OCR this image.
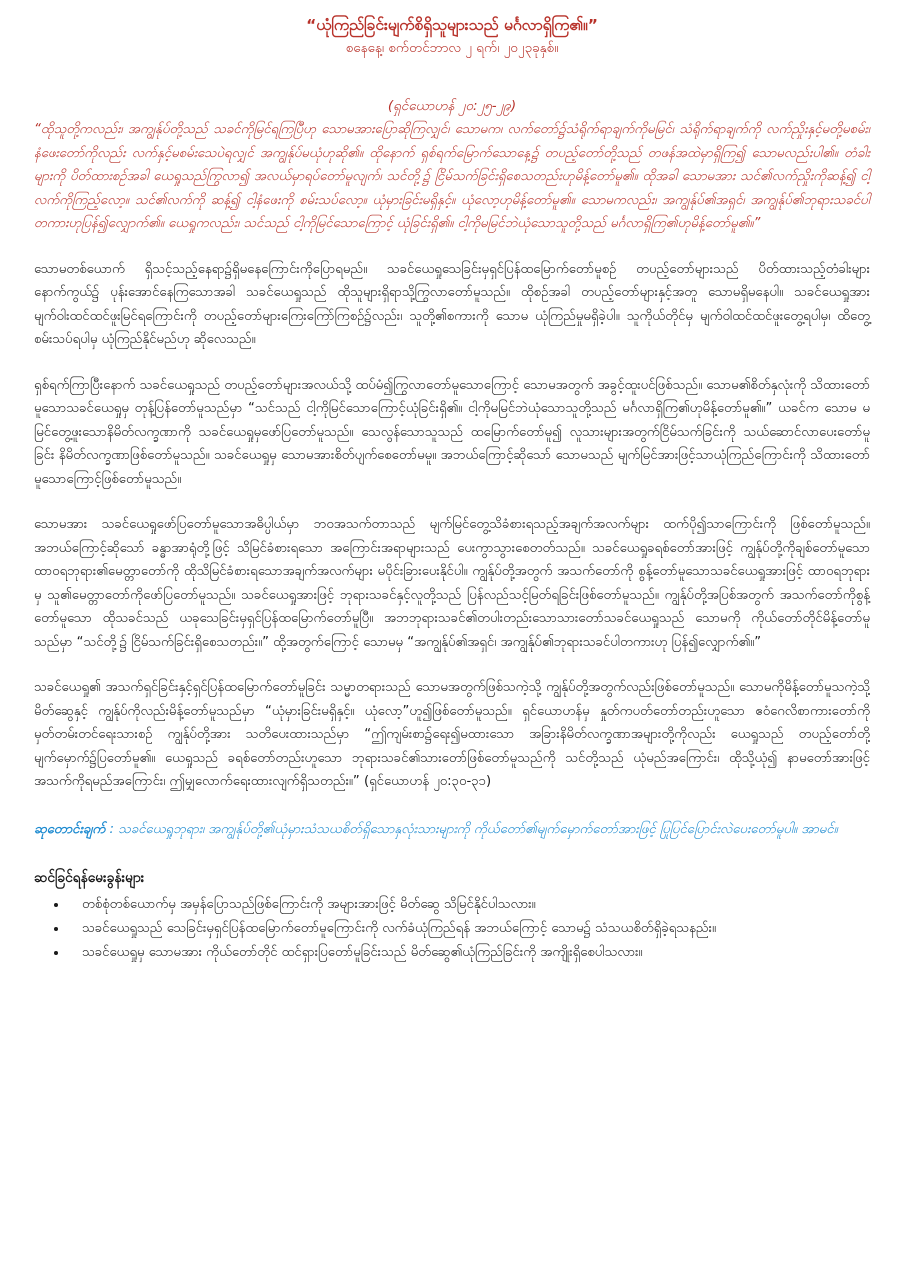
“ယုံကြည်ခြင်းမျက်စိရှိသူများသည် မင်္ဂလာရှိကြ၏။”

စနေနေ့၊ စက်တင်ဘာလ ၂ ရက်၊ ၂၀၂၃ခုနှစ်။

(ရှင်ယောဟန် ၂၀:၂၅-၂၉)

“ထိုသူတို့ကလည်း၊ အကျွန်ုပ်တို့သည် သခင်ကိုမြင်ရကြပြီဟု သောမအားပြောဆိုကြလျှင်၊ သောမက၊ လက်တော်၌သံရိုက်ရာချက်ကိုမမြင်၊ သံရိုက်ရာချက်ကို လက်ညှိုးနှင့်မတို့မစမ်း၊ နံဖေးတော်ကိုလည်း လက်နှင့်မစမ်းသေပဲရလျှင် အကျွန်ုပ်မယုံဟုဆို၏။ ထိုနောက် ရှစ်ရက်မြောက်သောနေ့၌ တပည့်တော်တို့သည် တဖန်အထဲမှာရှိကြ၍ သောမလည်းပါ၏။ တံခါးများကို ပိတ်ထားစဉ်အခါ ယေရှုသည်ကြွလာ၍ အလယ်မှာရပ်တော်မူလျက်၊ သင်တို့၌ ငြိမ်သက်ခြင်းရှိစေသတည်းဟုမိန့်တော်မူ၏။ ထိုအခါ သောမအား သင်၏လက်ညှိုးကိုဆန့်၍ ငါ့လက်ကိုကြည့်လော့။ သင်၏လက်ကို ဆန့်၍ ငါ့နံဖေးကို စမ်းသပ်လော့။ ယုံမှားခြင်းမရှိနှင့်။ ယုံလော့ဟုမိန့်တော်မူ၏။ သောမကလည်း၊ အကျွန်ုပ်၏အရှင်၊ အကျွန်ုပ်၏ဘုရားသခင်ပါတကားဟုပြန်၍လျှောက်၏။ ယေရှုကလည်း၊ သင်သည် ငါ့ကိုမြင်သောကြောင့် ယုံခြင်းရှိ၏။ ငါ့ကိုမမြင်ဘဲယုံသောသူတို့သည် မင်္ဂလာရှိကြ၏ဟုမိန့်တော်မူ၏။”

သောမတစ်ယောက် ရှိသင့်သည့်နေရာ၌ရှိမနေကြောင်းကိုပြောရမည်။ သခင်ယေရှုသေခြင်းမှရှင်ပြန်ထမြောက်တော်မူစဉ် တပည့်တော်များသည် ပိတ်ထားသည့်တံခါးများနောက်ကွယ်၌ ပုန်းအောင်နေကြသောအခါ သခင်ယေရှုသည် ထိုသူများရှိရာသို့ကြွလာတော်မူသည်။ ထိုစဉ်အခါ တပည့်တော်များနှင့်အတူ သောမရှိမနေပါ။ သခင်ယေရှုအား မျက်ဝါးထင်ထင်ဖူးမြင်ရကြောင်းကို တပည့်တော်များကြေးကြော်ကြစဉ်၌လည်း၊ သူတို့၏စကားကို သောမ ယုံကြည်မှုမရှိခဲ့ပါ။ သူကိုယ်တိုင်မှ မျက်ဝါထင်ထင်ဖူးတွေ့ရပါမှ၊ ထိတွေ့စမ်းသပ်ရပါမှ ယုံကြည်နိုင်မည်ဟု ဆိုလေသည်။

ရှစ်ရက်ကြာပြီးနောက် သခင်ယေရှုသည် တပည့်တော်များအလယ်သို့ ထပ်မံ၍ကြွလာတော်မူသောကြောင့် သောမအတွက် အခွင့်ထူးပင်ဖြစ်သည်။ သောမ၏စိတ်နှလုံးကို သိထားတော်မူသောသခင်ယေရှုမှ တုန့်ပြန်တော်မူသည်မှာ “သင်သည် ငါ့ကိုမြင်သောကြောင့်ယုံခြင်းရှိ၏။ ငါ့ကိုမမြင်ဘဲယုံသောသူတို့သည် မင်္ဂလာရှိကြ၏ဟုမိန့်တော်မူ၏။” ယခင်က သောမ မမြင်တွေ့ဖူးသောနိမိတ်လက္ခဏာကို သခင်ယေရှုမှဖော်ပြတော်မူသည်။ သေလွန်သောသူသည် ထမြောက်တော်မူ၍ လူသားများအတွက်ငြိမ်သက်ခြင်းကို သယ်ဆောင်လာပေးတော်မူခြင်း နိမိတ်လက္ခဏာဖြစ်တော်မူသည်။ သခင်ယေရှုမှ သောမအားစိတ်ပျက်စေတော်မမူ။ အဘယ်ကြောင့်ဆိုသော် သောမသည် မျက်မြင်အားဖြင့်သာယုံကြည်ကြောင်းကို သိထားတော်မူသောကြောင့်ဖြစ်တော်မူသည်။

သောမအား သခင်ယေရှုဖော်ပြတော်မူသောအဓိပ္ပါယ်မှာ ဘဝအသက်တာသည် မျက်မြင်တွေ့သိခံစားရသည့်အချက်အလက်များ ထက်ပို၍သာကြောင်းကို ဖြစ်တော်မူသည်။ အဘယ်ကြောင့်ဆိုသော် ခန္ဓာအာရုံတို့ဖြင့် သိမြင်ခံစားရသော အကြောင်းအရာများသည် ပေးကွာသွားစေတတ်သည်။ သခင်ယေရှုခရစ်တော်အားဖြင့် ကျွန်ုပ်တို့ကိုချစ်တော်မူသော ထာဝရဘုရား၏မေတ္တာတော်ကို ထိုသိမြင်ခံစားရသောအချက်အလက်များ မပိုင်းခြားပေးနိုင်ပါ။ ကျွန်ုပ်တို့အတွက် အသက်တော်ကို စွန့်တော်မူသောသခင်ယေရှုအားဖြင့် ထာဝရဘုရားမှ သူ၏မေတ္တာတော်ကိုဖော်ပြတော်မူသည်။ သခင်ယေရှုအားဖြင့် ဘုရားသခင်နှင့်လူတို့သည် ပြန်လည်သင့်မြတ်ရခြင်းဖြစ်တော်မူသည်။ ကျွန်ုပ်တို့အပြစ်အတွက် အသက်တော်ကိုစွန့်တော်မူသော ထိုသခင်သည် ယခုသေခြင်းမှရှင်ပြန်ထမြောက်တော်မူပြီ။ အဘဘုရားသခင်၏တပါးတည်းသောသားတော်သခင်ယေရှုသည် သောမကို ကိုယ်တော်တိုင်မိန့်တော်မူသည်မှာ “သင်တို့၌ ငြိမ်သက်ခြင်းရှိစေသတည်း။” ထို့အတွက်ကြောင့် သောမမှ “အကျွန်ုပ်၏အရှင်၊ အကျွန်ုပ်၏ဘုရားသခင်ပါတကားဟု ပြန်၍လျှောက်၏။”

သခင်ယေရှု၏ အသက်ရှင်ခြင်းနှင့်ရှင်ပြန်ထမြောက်တော်မူခြင်း သမ္မာတရားသည် သောမအတွက်ဖြစ်သကဲ့သို့ ကျွန်ုပ်တို့အတွက်လည်းဖြစ်တော်မူသည်။ သောမကိုမိန့်တော်မူသကဲ့သို့ မိတ်ဆွေနှင့် ကျွန်ုပ်ကိုလည်းမိန့်တော်မူသည်မှာ “ယုံမှားခြင်းမရှိနှင့်။ ယုံလော့”ဟူ၍ဖြစ်တော်မူသည်။ ရှင်ယောဟန်မှ နှုတ်ကပတ်တော်တည်းဟူသော ဧဝံဂေလိစာကားတော်ကို မှတ်တမ်းတင်ရေးသားစဉ် ကျွန်ုပ်တို့အား သတိပေးထားသည်မှာ “ဤကျမ်းစာ၌ရေး၍မထားသော အခြားနိမိတ်လက္ခဏာအများတို့ကိုလည်း ယေရှုသည် တပည့်တော်တို့ မျက်မှောက်၌ပြတော်မူ၏။ ယေရှုသည် ခရစ်တော်တည်းဟူသော ဘုရားသခင်၏သားတော်ဖြစ်တော်မူသည်ကို သင်တို့သည် ယုံမည်အကြောင်း၊ ထိုသို့ယုံ၍ နာမတော်အားဖြင့် အသက်ကိုရမည်အကြောင်း၊ ဤမျှလောက်ရေးထားလျက်ရှိသတည်း။” (ရှင်ယောဟန် ၂၀:၃၀-၃၁)

ဆုတောင်းချက် : သခင်ယေရှုဘုရား၊ အကျွန်ုပ်တို့၏ယုံမှားသံသယစိတ်ရှိသောနှလုံးသားများကို ကိုယ်တော်၏မျက်မှောက်တော်အားဖြင့် ပြုပြင်ပြောင်းလဲပေးတော်မူပါ။ အာမင်။

ဆင်ခြင်ရန်မေးခွန်းများ
• တစ်စုံတစ်ယောက်မှ အမှန်ပြောသည်ဖြစ်ကြောင်းကို အများအားဖြင့် မိတ်ဆွေ သိမြင်နိုင်ပါသလား။
• သခင်ယေရှုသည် သေခြင်းမှရှင်ပြန်ထမြောက်တော်မူကြောင်းကို လက်ခံယုံကြည်ရန် အဘယ်ကြောင့် သောမ၌ သံသယစိတ်ရှိခဲ့ရသနည်း။
• သခင်ယေရှုမှ သောမအား ကိုယ်တော်တိုင် ထင်ရှားပြတော်မူခြင်းသည် မိတ်ဆွေ၏ယုံကြည်ခြင်းကို အကျိုးရှိစေပါသလား။
